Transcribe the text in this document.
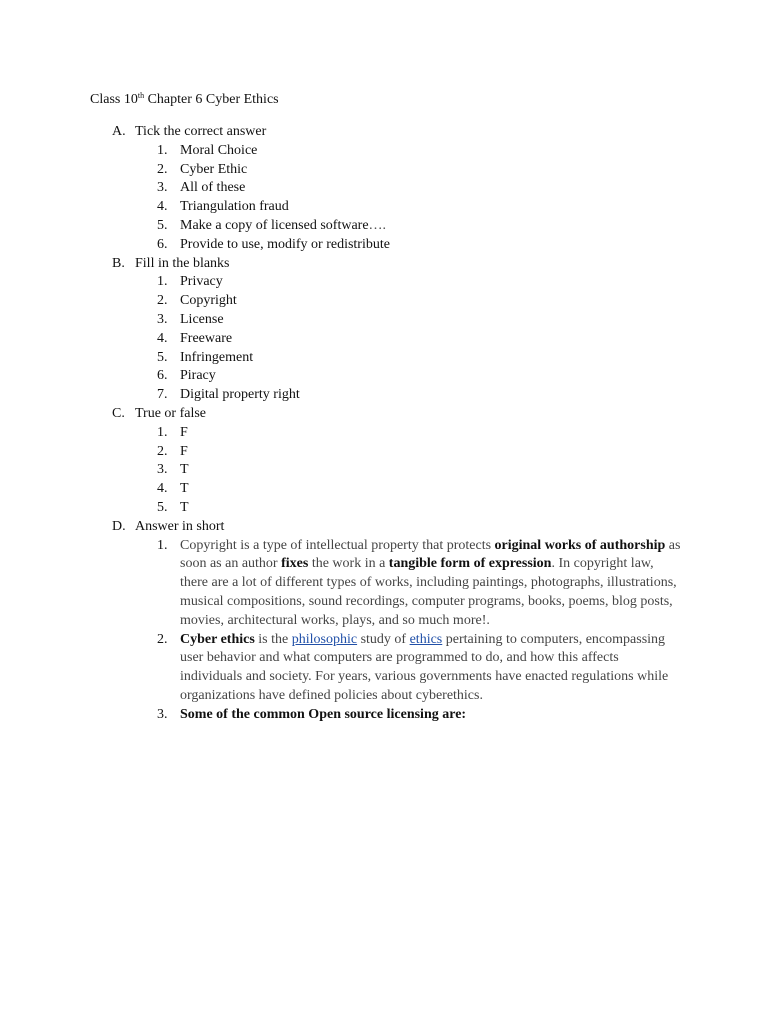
Class 10th Chapter 6 Cyber Ethics
A. Tick the correct answer
1. Moral Choice
2. Cyber Ethic
3. All of these
4. Triangulation fraud
5. Make a copy of licensed software….
6. Provide to use, modify or redistribute
B. Fill in the blanks
1. Privacy
2. Copyright
3. License
4. Freeware
5. Infringement
6. Piracy
7. Digital property right
C. True or false
1. F
2. F
3. T
4. T
5. T
D. Answer in short
1. Copyright is a type of intellectual property that protects original works of authorship as soon as an author fixes the work in a tangible form of expression. In copyright law, there are a lot of different types of works, including paintings, photographs, illustrations, musical compositions, sound recordings, computer programs, books, poems, blog posts, movies, architectural works, plays, and so much more!.
2. Cyber ethics is the philosophic study of ethics pertaining to computers, encompassing user behavior and what computers are programmed to do, and how this affects individuals and society. For years, various governments have enacted regulations while organizations have defined policies about cyberethics.
3. Some of the common Open source licensing are:
